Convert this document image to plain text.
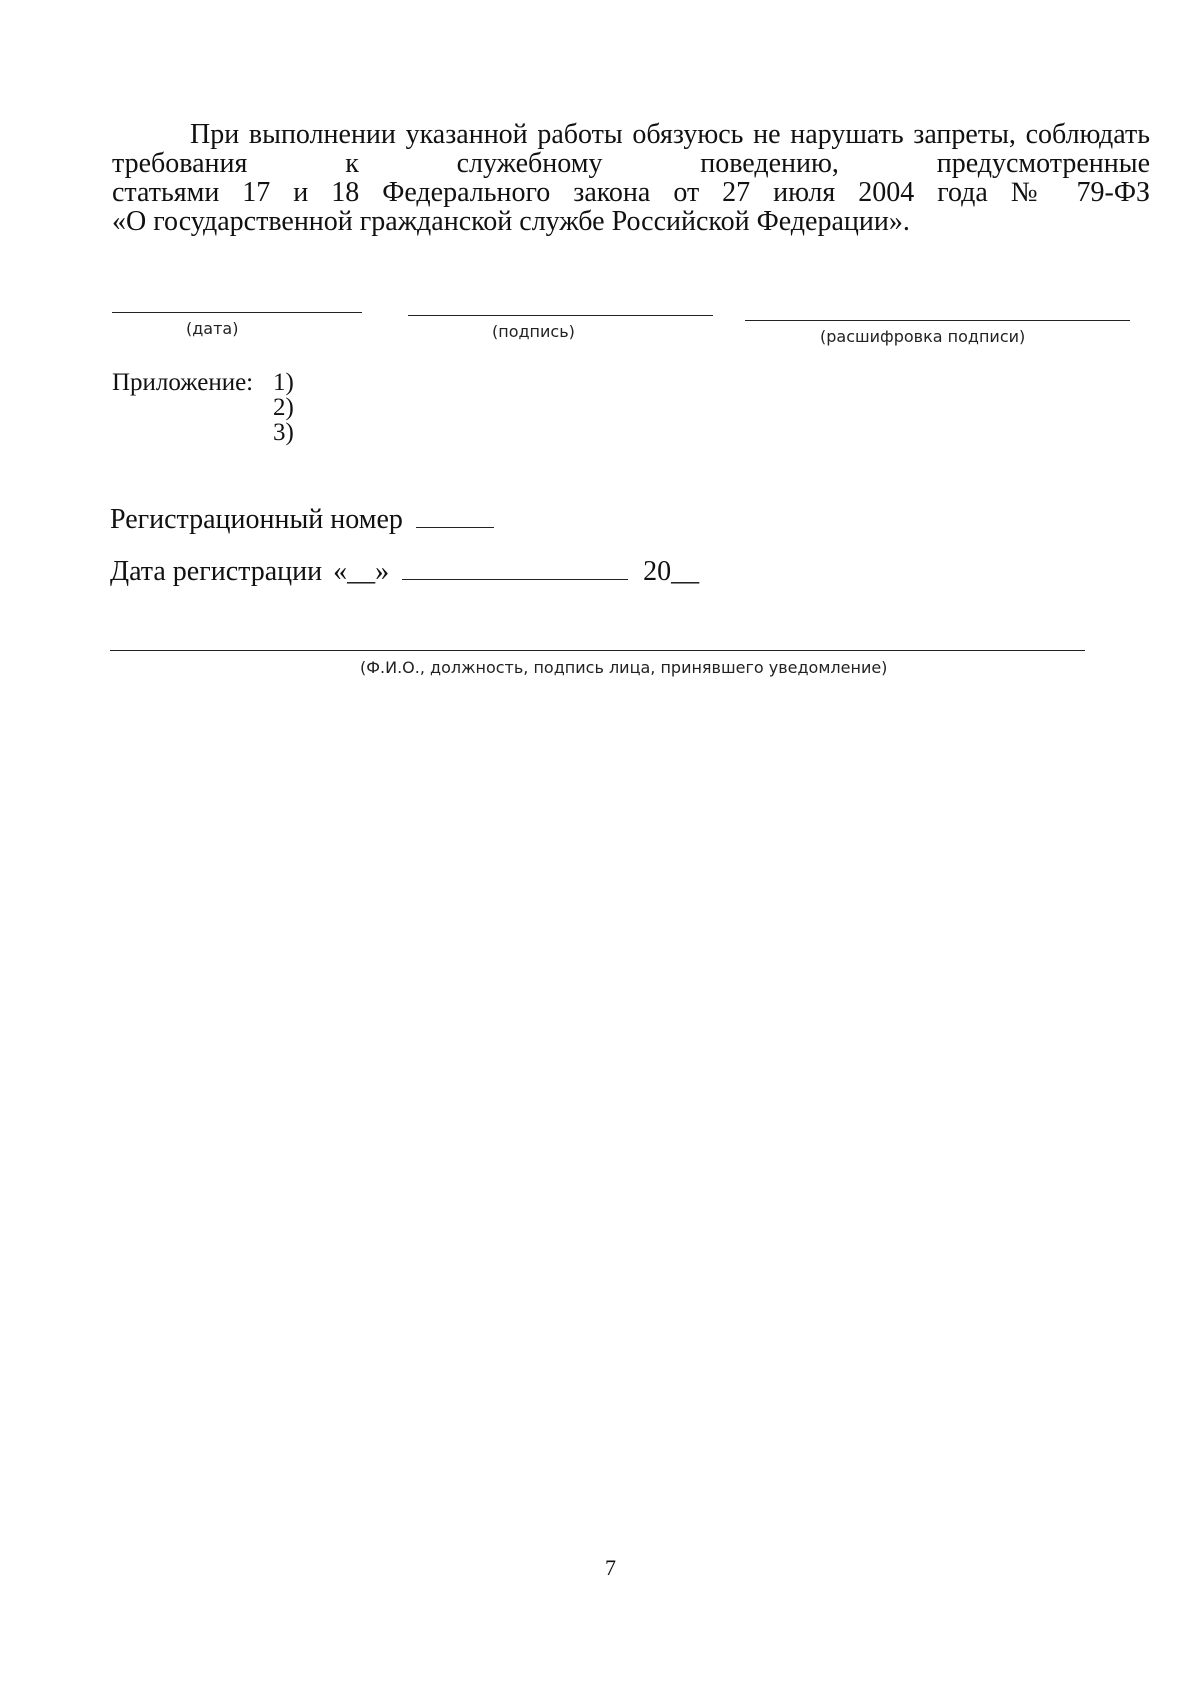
При выполнении указанной работы обязуюсь не нарушать запреты, соблюдать
требования	к	служебному	поведению,	предусмотренные
статьями 17 и 18 Федерального закона от 27 июля 2004 года № 79-ФЗ
«О государственной гражданской службе Российской Федерации».
(дата)	(подпись)	(расшифровка подписи)
Приложение: 1)
2)
3)
Регистрационный номер
Дата регистрации «__»	20__
(Ф.И.О., должность, подпись лица, принявшего уведомление)
7
